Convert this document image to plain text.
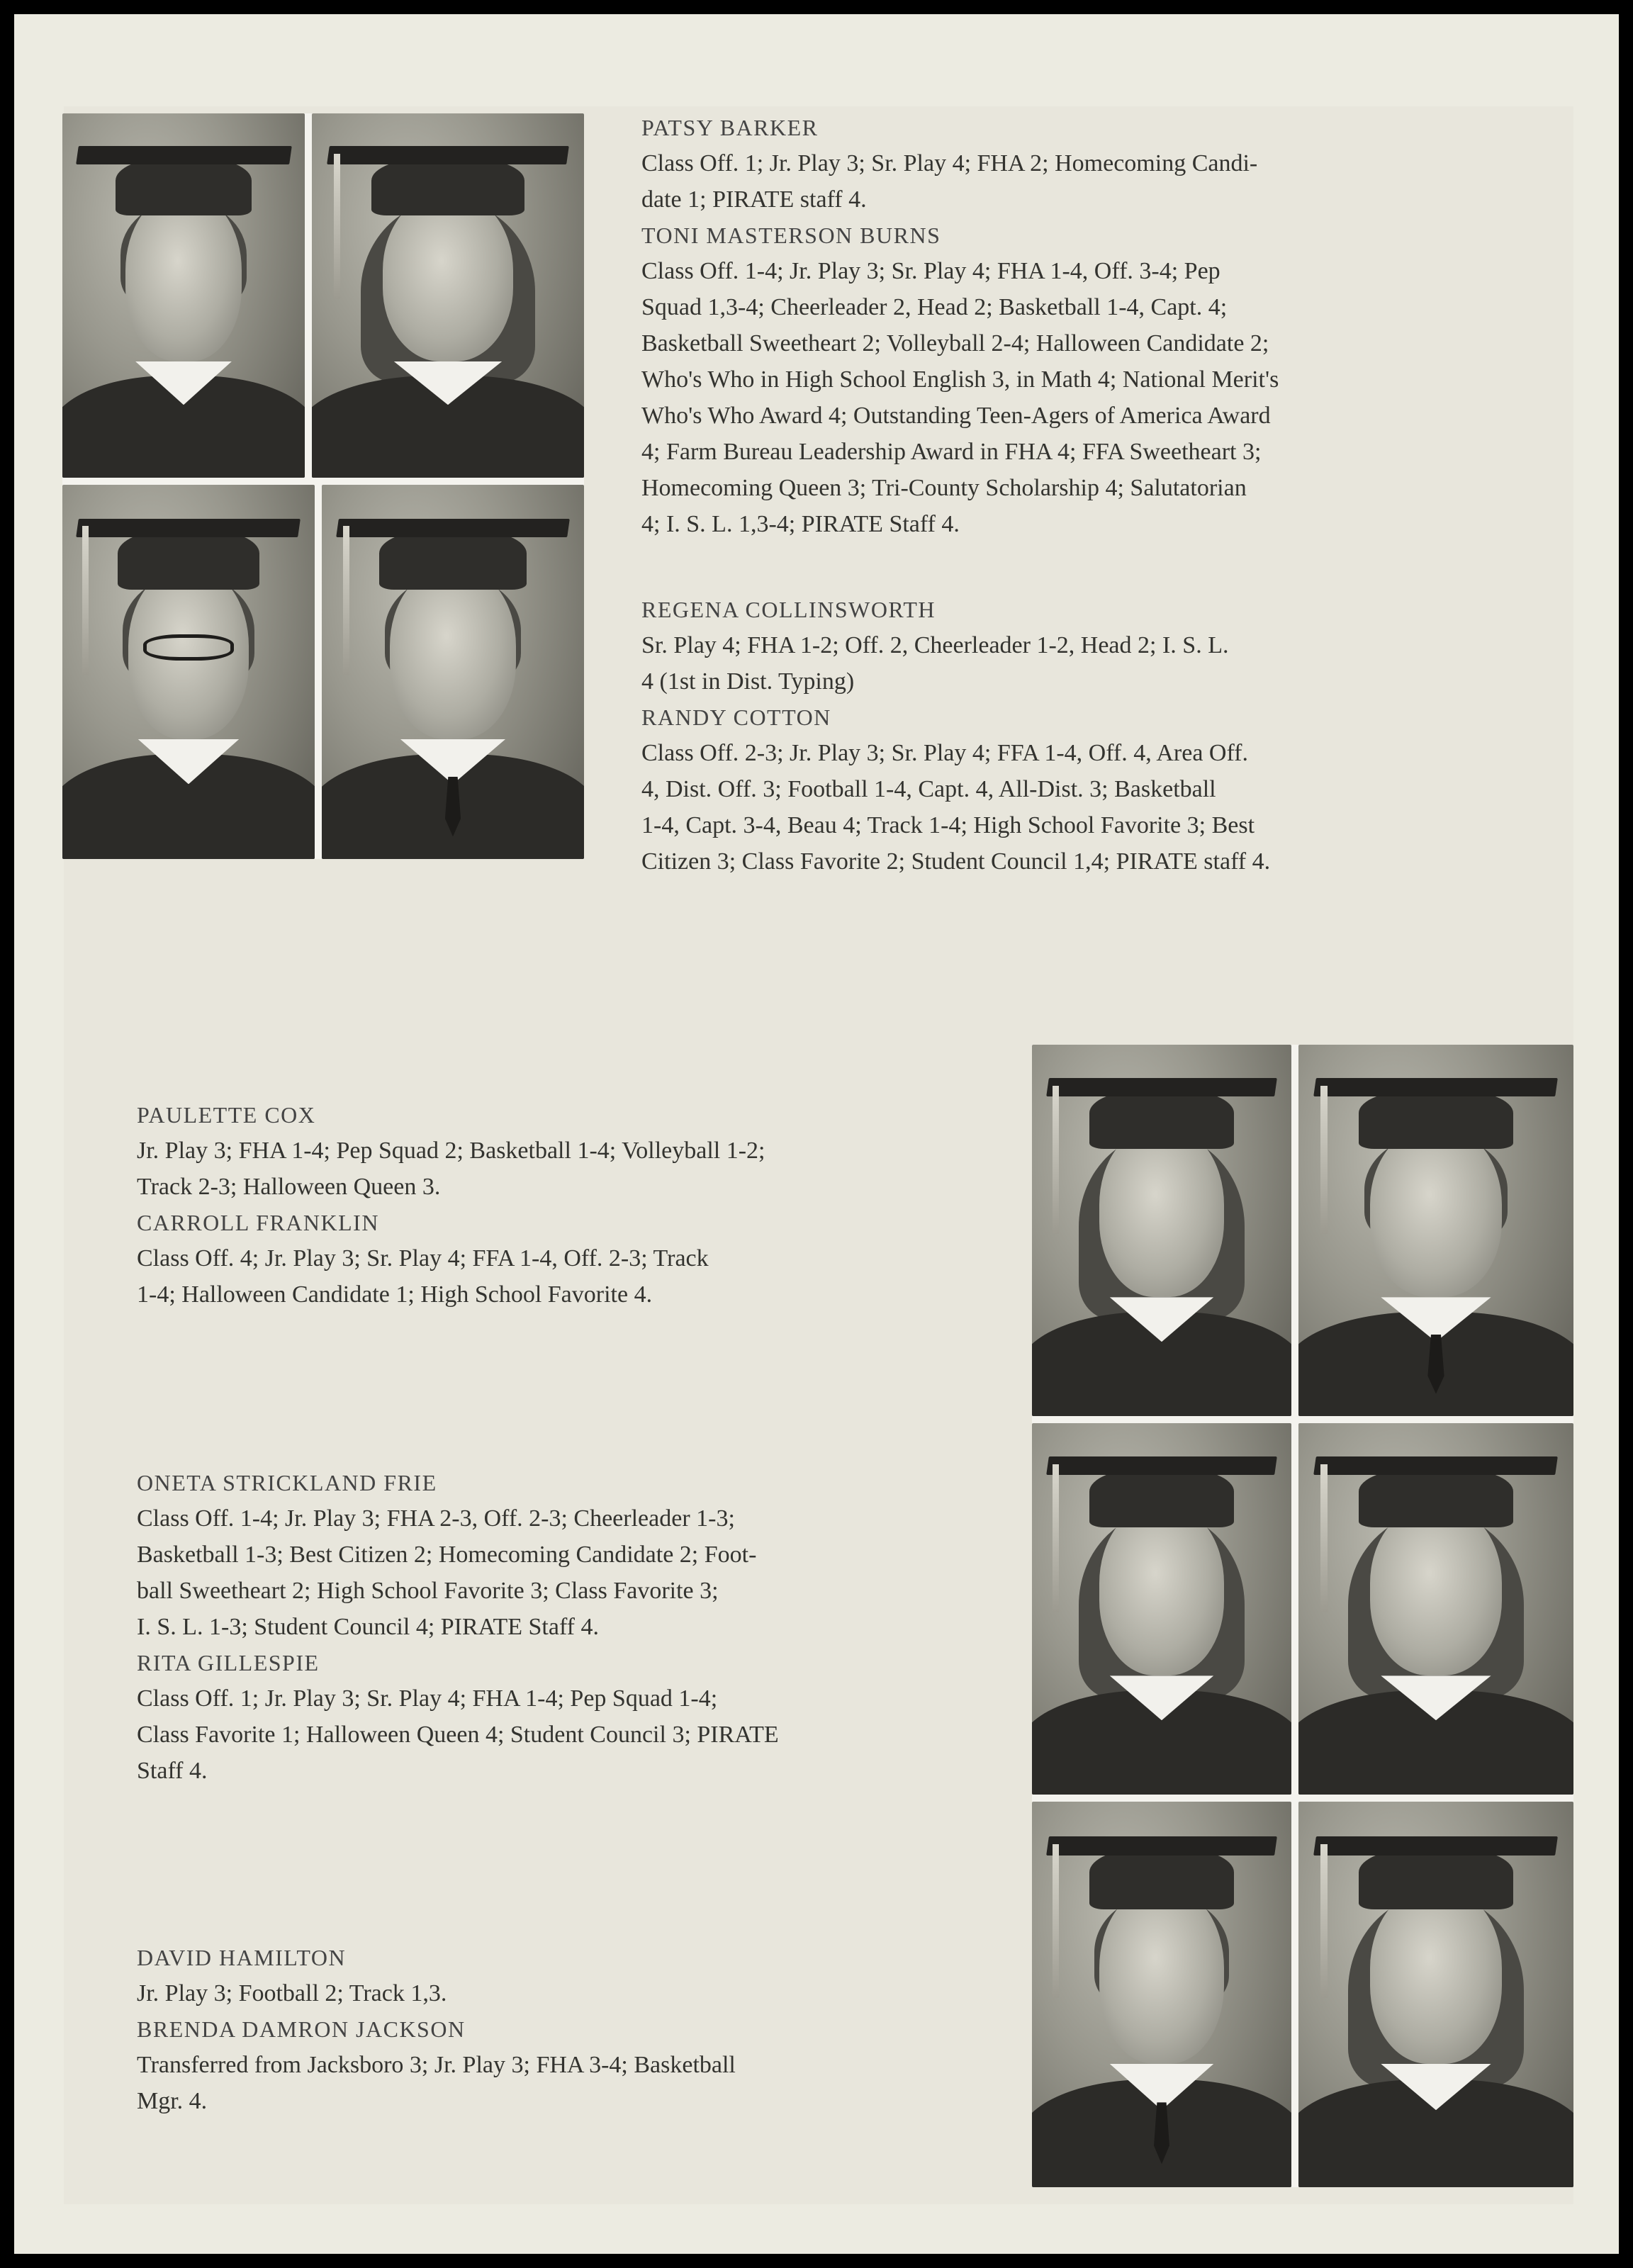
PATSY BARKER
Class Off. 1; Jr. Play 3; Sr. Play 4; FHA 2; Homecoming Candi-
date 1; PIRATE staff 4.
TONI MASTERSON BURNS
Class Off. 1-4; Jr. Play 3; Sr. Play 4; FHA 1-4, Off. 3-4; Pep
Squad 1,3-4; Cheerleader 2, Head 2; Basketball 1-4, Capt. 4;
Basketball Sweetheart 2; Volleyball 2-4; Halloween Candidate 2;
Who's Who in High School English 3, in Math 4; National Merit's
Who's Who Award 4; Outstanding Teen-Agers of America Award
4; Farm Bureau Leadership Award in FHA 4; FFA Sweetheart 3;
Homecoming Queen 3; Tri-County Scholarship 4; Salutatorian
4; I. S. L. 1,3-4; PIRATE Staff 4.
REGENA COLLINSWORTH
Sr. Play 4; FHA 1-2; Off. 2, Cheerleader 1-2, Head 2; I. S. L.
4 (1st in Dist. Typing)
RANDY COTTON
Class Off. 2-3; Jr. Play 3; Sr. Play 4; FFA 1-4, Off. 4, Area Off.
4, Dist. Off. 3; Football 1-4, Capt. 4, All-Dist. 3; Basketball
1-4, Capt. 3-4, Beau 4; Track 1-4; High School Favorite 3; Best
Citizen 3; Class Favorite 2; Student Council 1,4; PIRATE staff 4.
PAULETTE COX
Jr. Play 3; FHA 1-4; Pep Squad 2; Basketball 1-4; Volleyball 1-2;
Track 2-3; Halloween Queen 3.
CARROLL FRANKLIN
Class Off. 4; Jr. Play 3; Sr. Play 4; FFA 1-4, Off. 2-3; Track
1-4; Halloween Candidate 1; High School Favorite 4.
ONETA STRICKLAND FRIE
Class Off. 1-4; Jr. Play 3; FHA 2-3, Off. 2-3; Cheerleader 1-3;
Basketball 1-3; Best Citizen 2; Homecoming Candidate 2; Foot-
ball Sweetheart 2; High School Favorite 3; Class Favorite 3;
I. S. L. 1-3; Student Council 4; PIRATE Staff 4.
RITA GILLESPIE
Class Off. 1; Jr. Play 3; Sr. Play 4; FHA 1-4; Pep Squad 1-4;
Class Favorite 1; Halloween Queen 4; Student Council 3; PIRATE
Staff 4.
DAVID HAMILTON
Jr. Play 3; Football 2; Track 1,3.
BRENDA DAMRON JACKSON
Transferred from Jacksboro 3; Jr. Play 3; FHA 3-4; Basketball
Mgr. 4.
